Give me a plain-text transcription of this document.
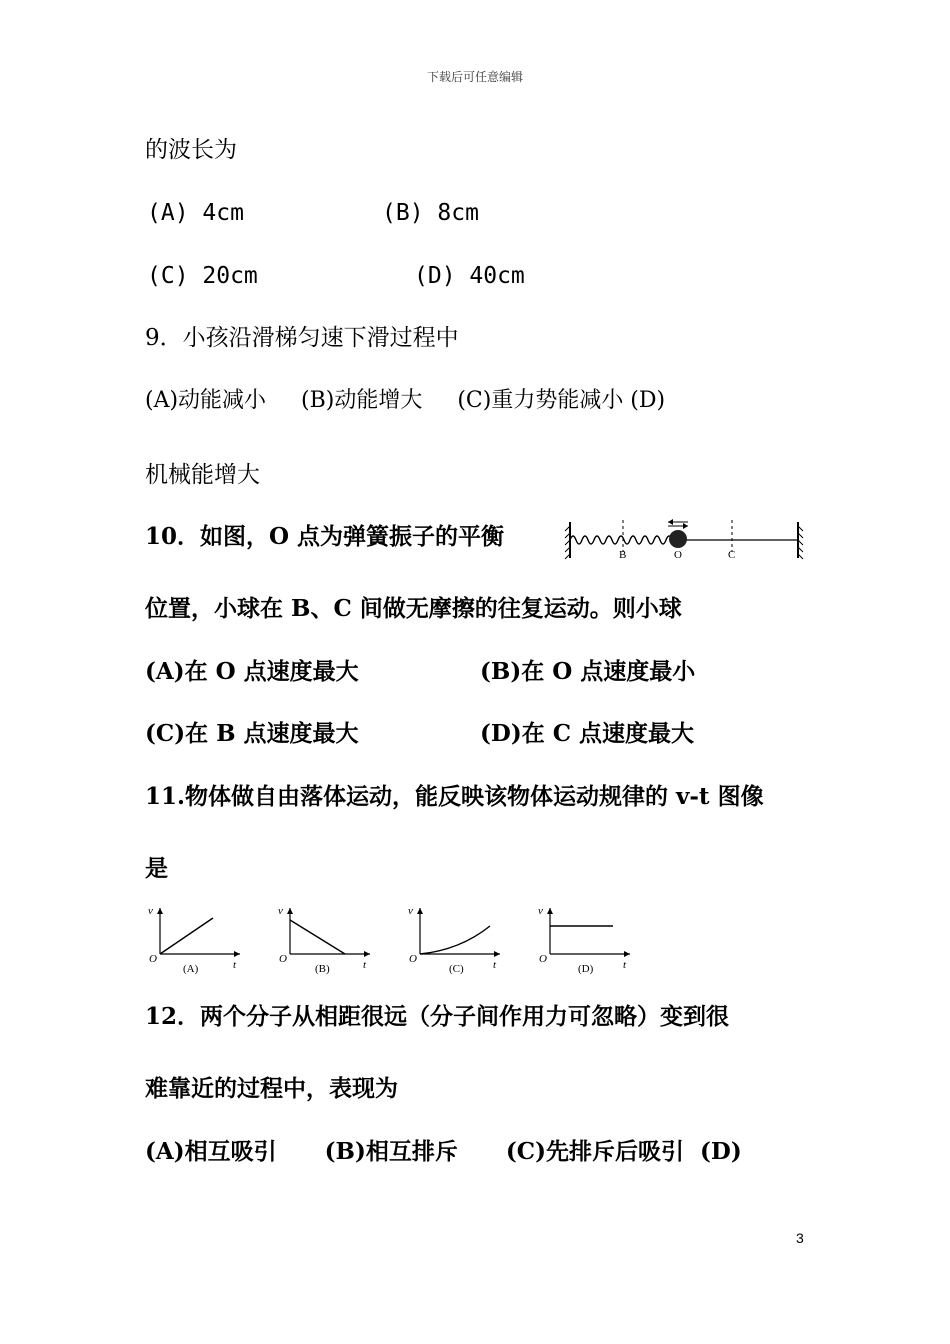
下载后可任意编辑
的波长为
(A) 4cm	(B) 8cm
(C) 20cm	(D) 40cm
9．小孩沿滑梯匀速下滑过程中
(A)动能减小     (B)动能增大     (C)重力势能减小 (D)
机械能增大
10．如图，O 点为弹簧振子的平衡
B	O	C
位置，小球在 B、C 间做无摩擦的往复运动。则小球
(A)在 O 点速度最大	(B)在 O 点速度最小
(C)在 B 点速度最大	(D)在 C 点速度最大
11.物体做自由落体运动，能反映该物体运动规律的 v-t 图像
是
v
O	t
(A)
v
O	t
(B)
v
O	t
(C)
v
O	t
(D)
12．两个分子从相距很远（分子间作用力可忽略）变到很
难靠近的过程中，表现为
(A)相互吸引      (B)相互排斥      (C)先排斥后吸引  (D)
3
